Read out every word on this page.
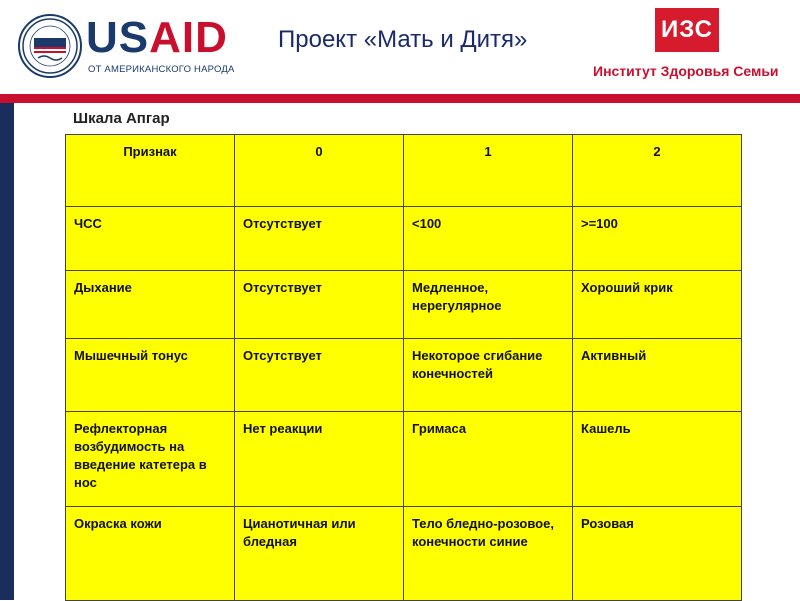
USAID
ОТ АМЕРИКАНСКОГО НАРОДА
Проект «Мать и Дитя»	ИЗС
Институт Здоровья Семьи
Шкала Апгар
Признак	0	1	2
ЧСС	Отсутствует	<100	>=100
Дыхание	Отсутствует	Медленное, нерегулярное	Хороший крик
Мышечный тонус	Отсутствует	Некоторое сгибание конечностей	Активный
Рефлекторная возбудимость на введение катетера в нос	Нет реакции	Гримаса	Кашель
Окраска кожи	Цианотичная или бледная	Тело бледно-розовое, конечности синие	Розовая
